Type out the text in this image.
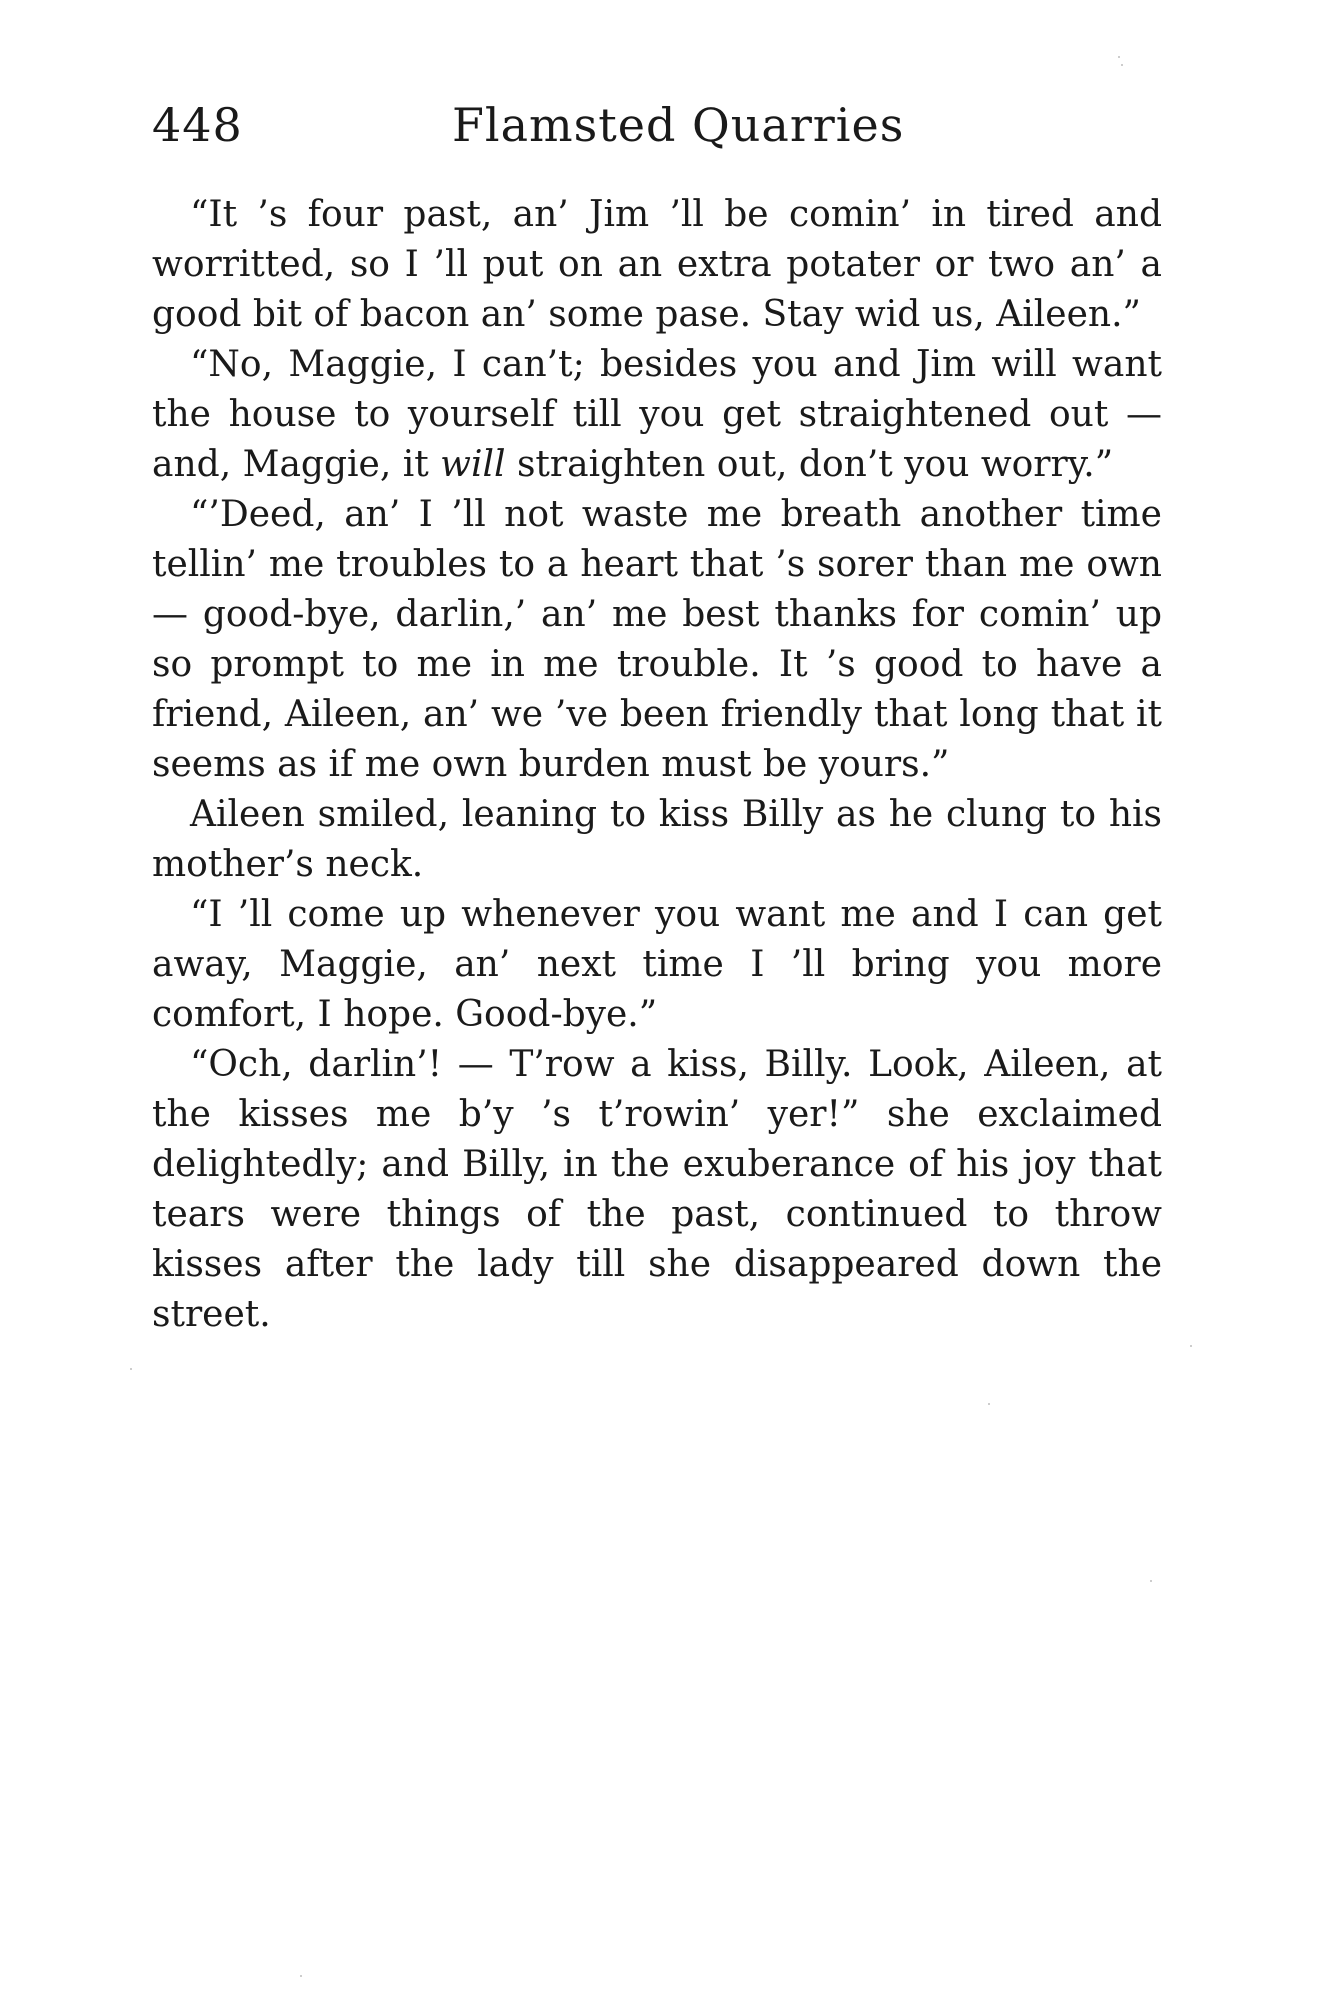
448	Flamsted Quarries

“It ’s four past, an’ Jim ’ll be comin’ in tired and worritted, so I ’ll put on an extra potater or two an’ a good bit of bacon an’ some pase. Stay wid us, Aileen.”

“No, Maggie, I can’t; besides you and Jim will want the house to yourself till you get straightened out — and, Maggie, it will straighten out, don’t you worry.”

“’Deed, an’ I ’ll not waste me breath another time tellin’ me troubles to a heart that ’s sorer than me own — good-bye, darlin,’ an’ me best thanks for comin’ up so prompt to me in me trouble. It ’s good to have a friend, Aileen, an’ we ’ve been friendly that long that it seems as if me own burden must be yours.”

Aileen smiled, leaning to kiss Billy as he clung to his mother’s neck.

“I ’ll come up whenever you want me and I can get away, Maggie, an’ next time I ’ll bring you more comfort, I hope. Good-bye.”

“Och, darlin’! — T’row a kiss, Billy. Look, Aileen, at the kisses me b’y ’s t’rowin’ yer!” she exclaimed delightedly; and Billy, in the exuberance of his joy that tears were things of the past, continued to throw kisses after the lady till she disappeared down the street.
